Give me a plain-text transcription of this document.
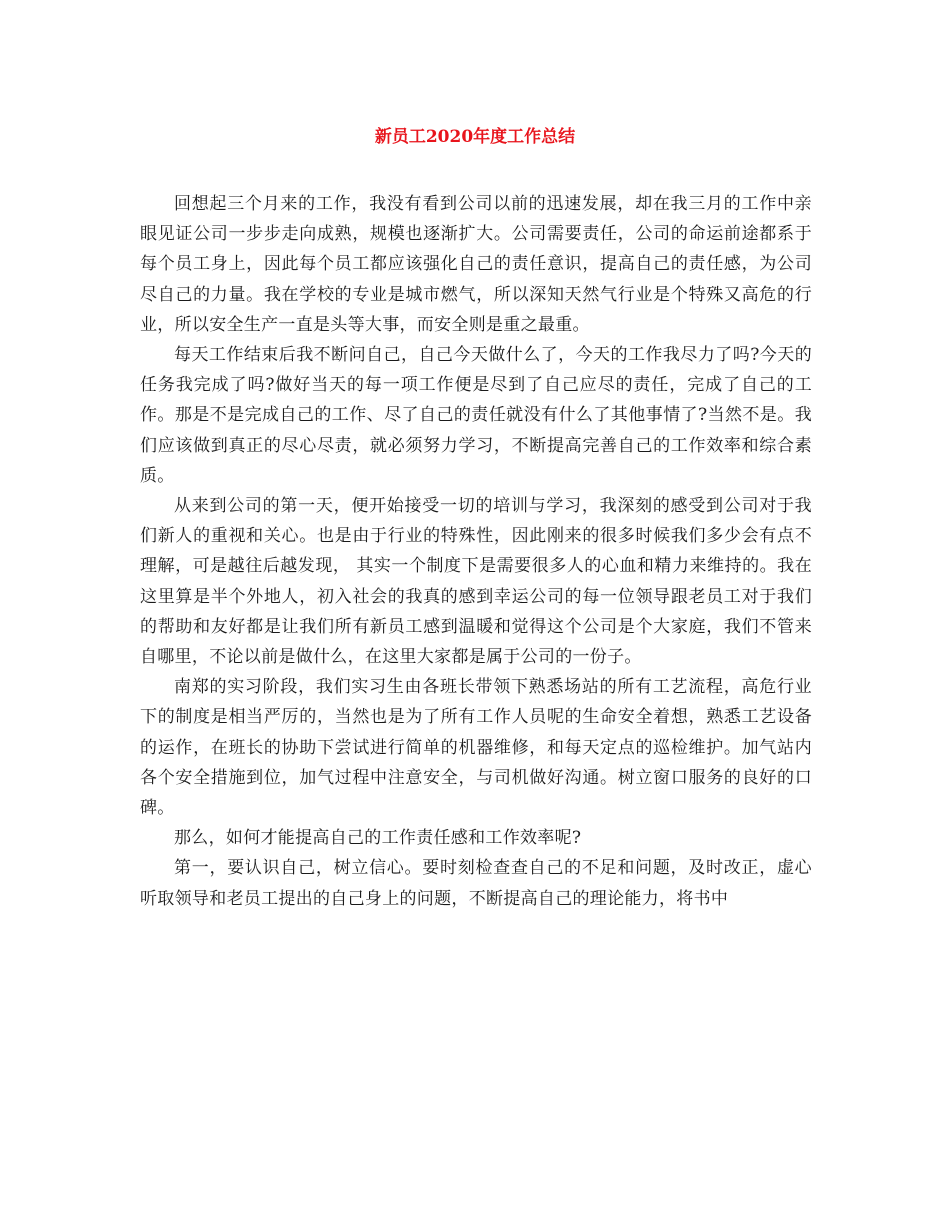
新员工2020年度工作总结

回想起三个月来的工作，我没有看到公司以前的迅速发展，却在我三月的工作中亲眼见证公司一步步走向成熟，规模也逐渐扩大。公司需要责任，公司的命运前途都系于每个员工身上，因此每个员工都应该强化自己的责任意识，提高自己的责任感，为公司尽自己的力量。我在学校的专业是城市燃气，所以深知天然气行业是个特殊又高危的行业，所以安全生产一直是头等大事，而安全则是重之最重。

每天工作结束后我不断问自己，自己今天做什么了，今天的工作我尽力了吗?今天的任务我完成了吗?做好当天的每一项工作便是尽到了自己应尽的责任，完成了自己的工作。那是不是完成自己的工作、尽了自己的责任就没有什么了其他事情了?当然不是。我们应该做到真正的尽心尽责，就必须努力学习，不断提高完善自己的工作效率和综合素质。

从来到公司的第一天，便开始接受一切的培训与学习，我深刻的感受到公司对于我们新人的重视和关心。也是由于行业的特殊性，因此刚来的很多时候我们多少会有点不理解，可是越往后越发现， 其实一个制度下是需要很多人的心血和精力来维持的。我在这里算是半个外地人，初入社会的我真的感到幸运公司的每一位领导跟老员工对于我们的帮助和友好都是让我们所有新员工感到温暖和觉得这个公司是个大家庭，我们不管来自哪里，不论以前是做什么，在这里大家都是属于公司的一份子。

南郑的实习阶段，我们实习生由各班长带领下熟悉场站的所有工艺流程，高危行业下的制度是相当严厉的，当然也是为了所有工作人员呢的生命安全着想，熟悉工艺设备的运作，在班长的协助下尝试进行简单的机器维修，和每天定点的巡检维护。加气站内各个安全措施到位，加气过程中注意安全，与司机做好沟通。树立窗口服务的良好的口碑。

那么，如何才能提高自己的工作责任感和工作效率呢?

第一，要认识自己，树立信心。要时刻检查查自己的不足和问题，及时改正，虚心听取领导和老员工提出的自己身上的问题，不断提高自己的理论能力，将书中
